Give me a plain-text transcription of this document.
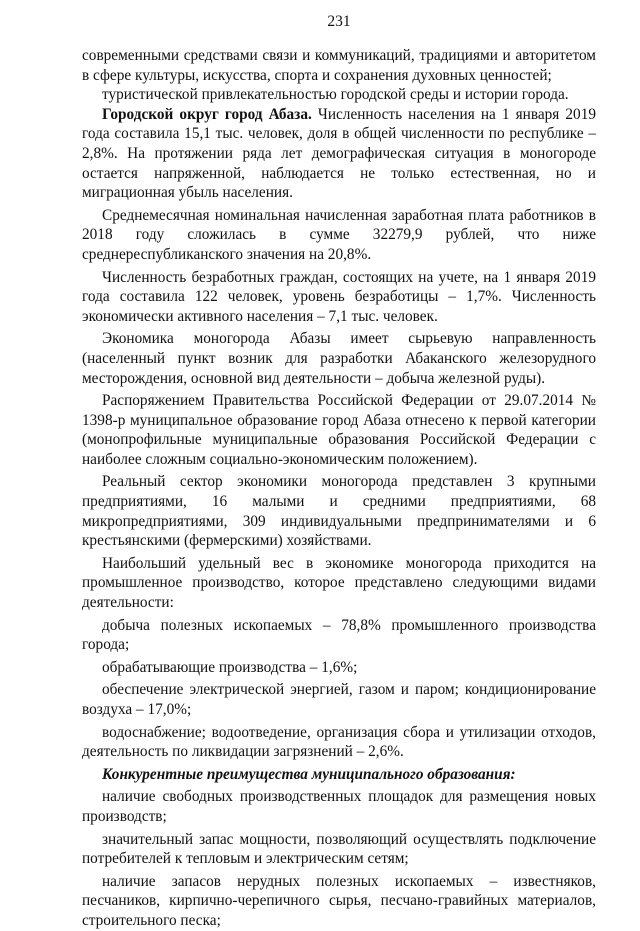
231

современными средствами связи и коммуникаций, традициями и авторитетом в сфере культуры, искусства, спорта и сохранения духовных ценностей;

туристической привлекательностью городской среды и истории города.

Городской округ город Абаза. Численность населения на 1 января 2019 года составила 15,1 тыс. человек, доля в общей численности по республике – 2,8%. На протяжении ряда лет демографическая ситуация в моногороде остается напряженной, наблюдается не только естественная, но и миграционная убыль населения.

Среднемесячная номинальная начисленная заработная плата работников в 2018 году сложилась в сумме 32279,9 рублей, что ниже среднереспубликанского значения на 20,8%.

Численность безработных граждан, состоящих на учете, на 1 января 2019 года составила 122 человек, уровень безработицы – 1,7%. Численность экономически активного населения – 7,1 тыс. человек.

Экономика моногорода Абазы имеет сырьевую направленность (населенный пункт возник для разработки Абаканского железорудного месторождения, основной вид деятельности – добыча железной руды).

Распоряжением Правительства Российской Федерации от 29.07.2014 № 1398-р муниципальное образование город Абаза отнесено к первой категории (монопрофильные муниципальные образования Российской Федерации с наиболее сложным социально-экономическим положением).

Реальный сектор экономики моногорода представлен 3 крупными предприятиями, 16 малыми и средними предприятиями, 68 микропредприятиями, 309 индивидуальными предпринимателями и 6 крестьянскими (фермерскими) хозяйствами.

Наибольший удельный вес в экономике моногорода приходится на промышленное производство, которое представлено следующими видами деятельности:

добыча полезных ископаемых – 78,8% промышленного производства города;

обрабатывающие производства – 1,6%;

обеспечение электрической энергией, газом и паром; кондиционирование воздуха – 17,0%;

водоснабжение; водоотведение, организация сбора и утилизации отходов, деятельность по ликвидации загрязнений – 2,6%.

Конкурентные преимущества муниципального образования:

наличие свободных производственных площадок для размещения новых производств;

значительный запас мощности, позволяющий осуществлять подключение потребителей к тепловым и электрическим сетям;

наличие запасов нерудных полезных ископаемых – известняков, песчаников, кирпично-черепичного сырья, песчано-гравийных материалов, строительного песка;
